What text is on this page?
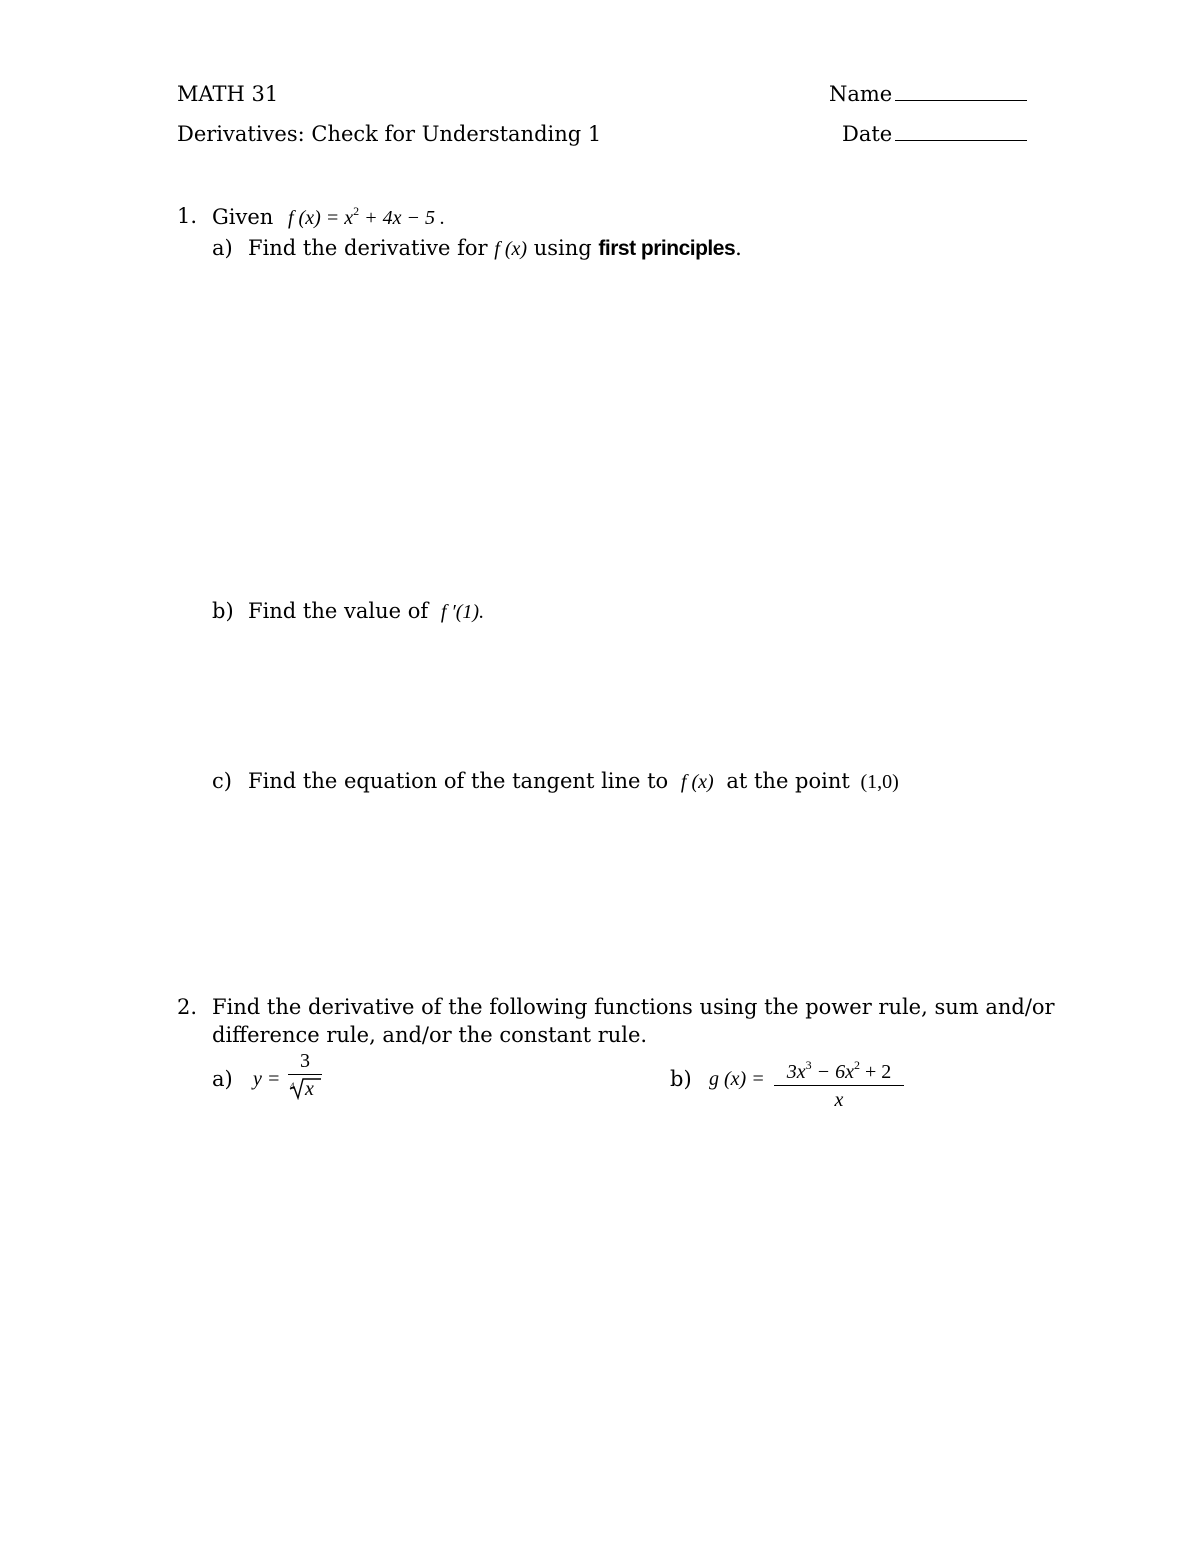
MATH 31
Derivatives: Check for Understanding 1
Name
Date
1. Given f $(x) = x^2 + 4x - 5$ .
a) Find the derivative for f (x) using first principles.
b) Find the value of f ′(1).
c) Find the equation of the tangent line to f (x) at the point (1,0)
2. Find the derivative of the following functions using the power rule, sum and/or
difference rule, and/or the constant rule.
a) y =
3
4 x	b) g (x) =	$3x^3 - 6x^2 + 2$
x
